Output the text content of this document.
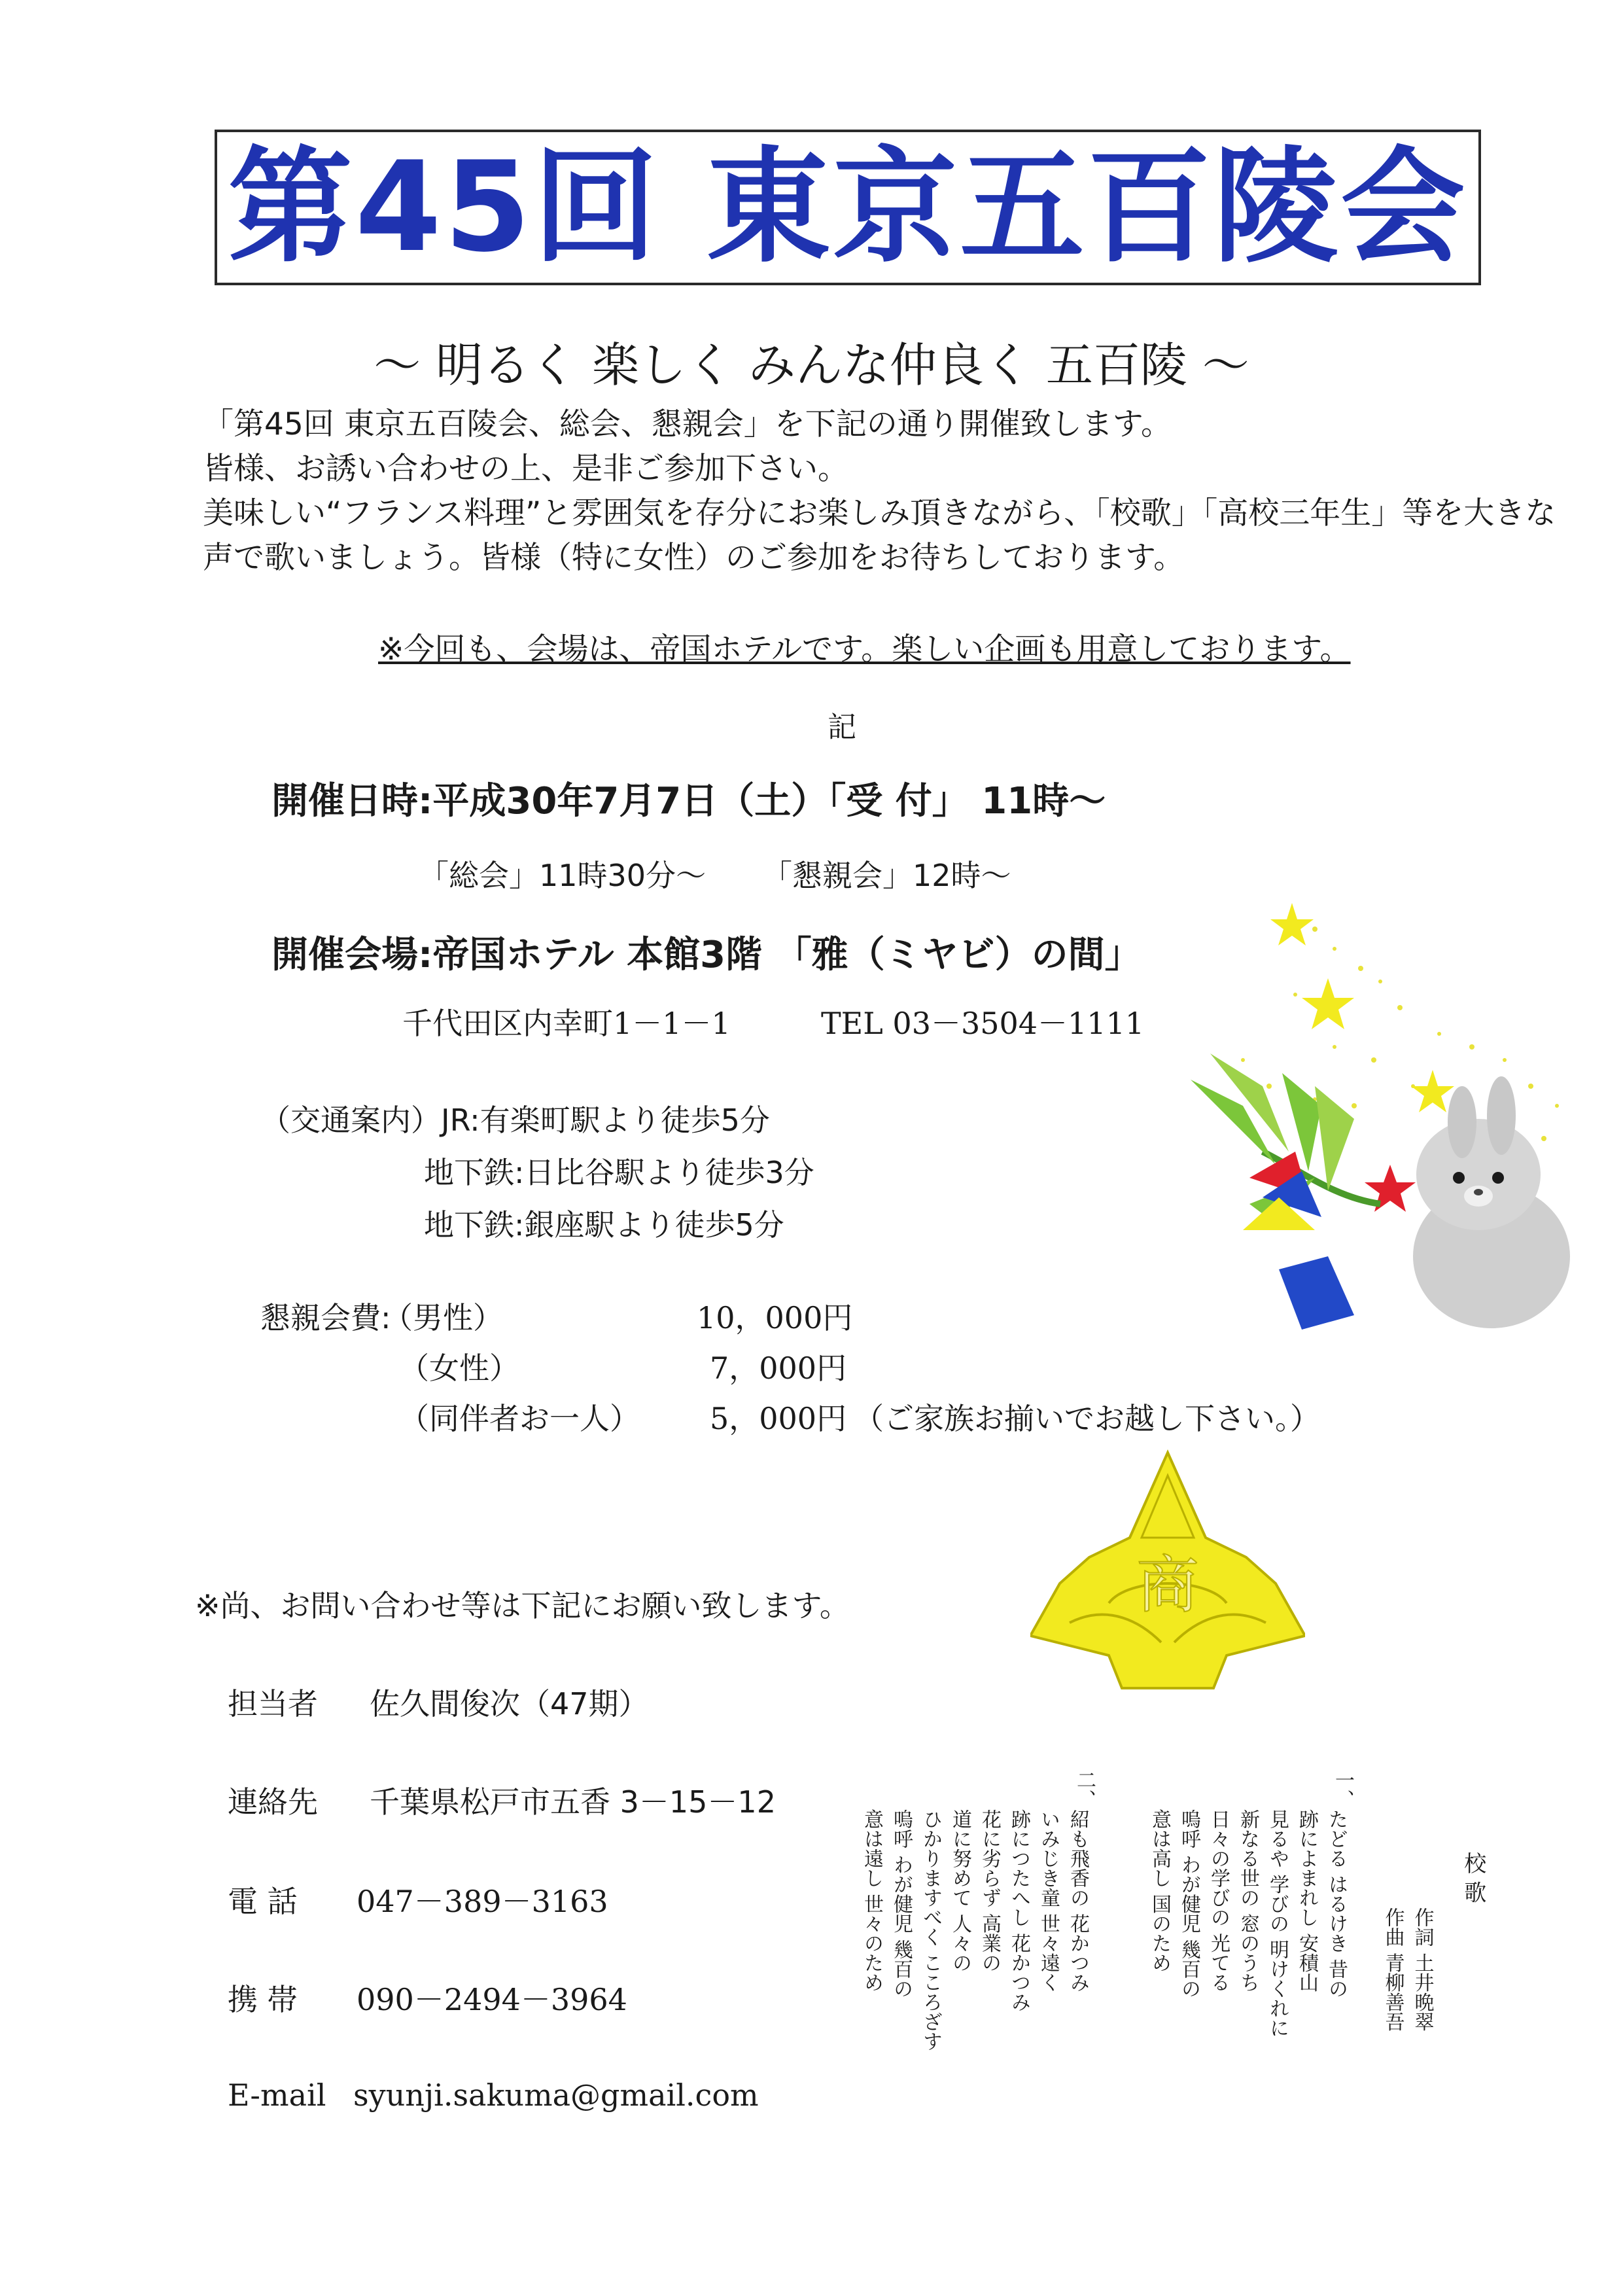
第45回 東京五百陵会
～ 明るく 楽しく みんな仲良く 五百陵 ～
「第45回 東京五百陵会、総会、懇親会」を下記の通り開催致します。
皆様、お誘い合わせの上、是非ご参加下さい。
美味しい“フランス料理”と雰囲気を存分にお楽しみ頂きながら、「校歌」「高校三年生」等を大きな
声で歌いましょう。皆様（特に女性）のご参加をお待ちしております。
※今回も、会場は、帝国ホテルです。楽しい企画も用意しております。
記
開催日時:平成30年7月7日（土）「受 付」 11時～
「総会」11時30分～ 「懇親会」12時～
開催会場:帝国ホテル 本館3階 「雅（ミヤビ）の間」
千代田区内幸町1－1－1	TEL 03－3504－1111
（交通案内）JR:有楽町駅より徒歩5分
地下鉄:日比谷駅より徒歩3分
地下鉄:銀座駅より徒歩5分
懇親会費:
（男性）	10，000円
（女性）	7，000円
（同伴者お一人） 5，000円 （ご家族お揃いでお越し下さい。）
※尚、お問い合わせ等は下記にお願い致します。
担当者 佐久間俊次（47期）
連絡先 千葉県松戸市五香 3－15－12
電 話 047－389－3163
携 帯 090－2494－3964
E-mail syunji.sakuma@gmail.com
商
校 歌
作詞 土井晩翠
作曲 青柳善吾
一、
たどる はるけき 昔の
跡によまれし 安積山
見るや 学びの 明けくれに
新なる世の 窓のうち
日々の学びの 光てる
嗚呼 わが健児 幾百の
意は高し 国のため
二、
紹も飛香の 花かつみ
いみじき童 世々遠く
跡につたへし 花かつみ
花に劣らず 高業の
道に努めて 人々の
ひかりますべく こころざす
嗚呼 わが健児 幾百の
意は遠し 世々のため
